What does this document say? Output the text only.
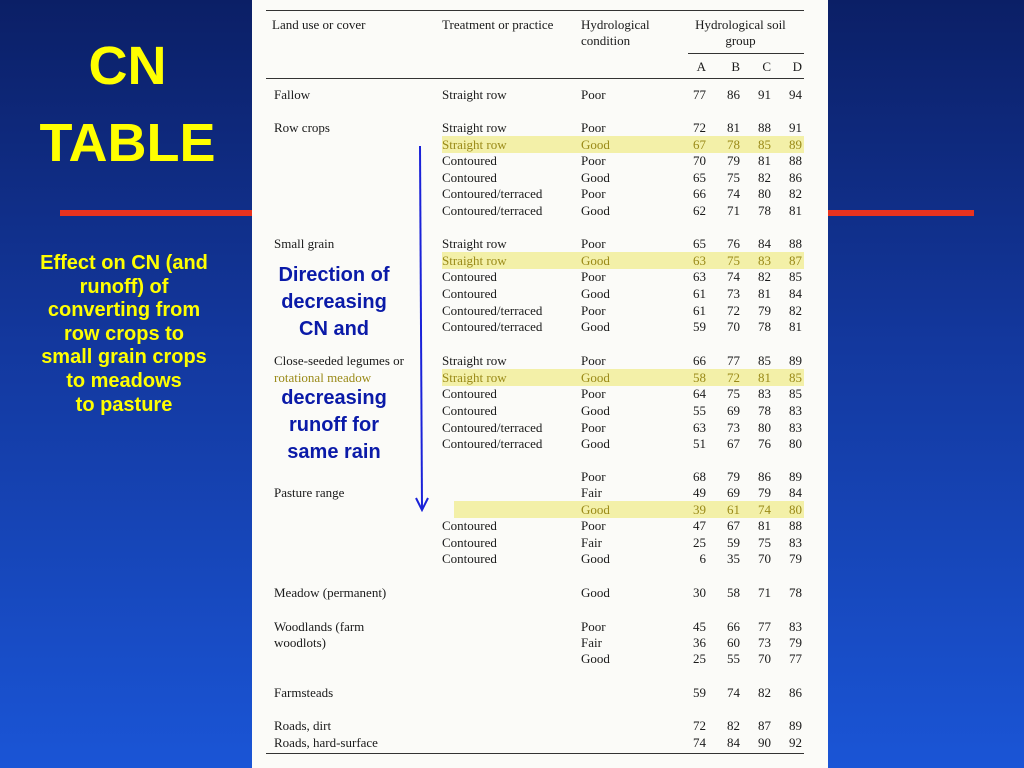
CN
TABLE
Effect on CN (and
runoff) of
converting from
row crops to
small grain crops
to meadows
to pasture
Land use or cover	Treatment or practice Hydrological
condition
Hydrological soil
group
A	B	C	D
Fallow	Straight row	Poor	77	86	91	94
Row crops	Straight row	Poor	72	81	88	91
Straight row	Good	67	78	85	89
Contoured	Poor	70	79	81	88
Contoured	Good	65	75	82	86
Contoured/terraced	Poor	66	74	80	82
Contoured/terraced	Good	62	71	78	81
Small grain	Straight row	Poor	65	76	84	88
Straight row	Good	63	75	83	87
Contoured	Poor	63	74	82	85
Contoured	Good	61	73	81	84
Contoured/terraced	Poor	61	72	79	82
Contoured/terraced	Good	59	70	78	81
Close-seeded legumes or	Straight row	Poor	66	77	85	89
rotational meadow	Straight row	Good	58	72	81	85
Contoured	Poor	64	75	83	85
Contoured	Good	55	69	78	83
Contoured/terraced	Poor	63	73	80	83
Contoured/terraced	Good	51	67	76	80
Poor	68	79	86	89
Pasture range	Fair	49	69	79	84
Good	39	61	74	80
Contoured	Poor	47	67	81	88
Contoured	Fair	25	59	75	83
Contoured	Good	6	35	70	79
Meadow (permanent)	Good	30	58	71	78
Woodlands (farm	Poor	45	66	77	83
woodlots)	Fair	36	60	73	79
Good	25	55	70	77
Farmsteads	59	74	82	86
Roads, dirt	72	82	87	89
Roads, hard-surface	74	84	90	92
Direction of
decreasing
CN and
decreasing
runoff for
same rain
